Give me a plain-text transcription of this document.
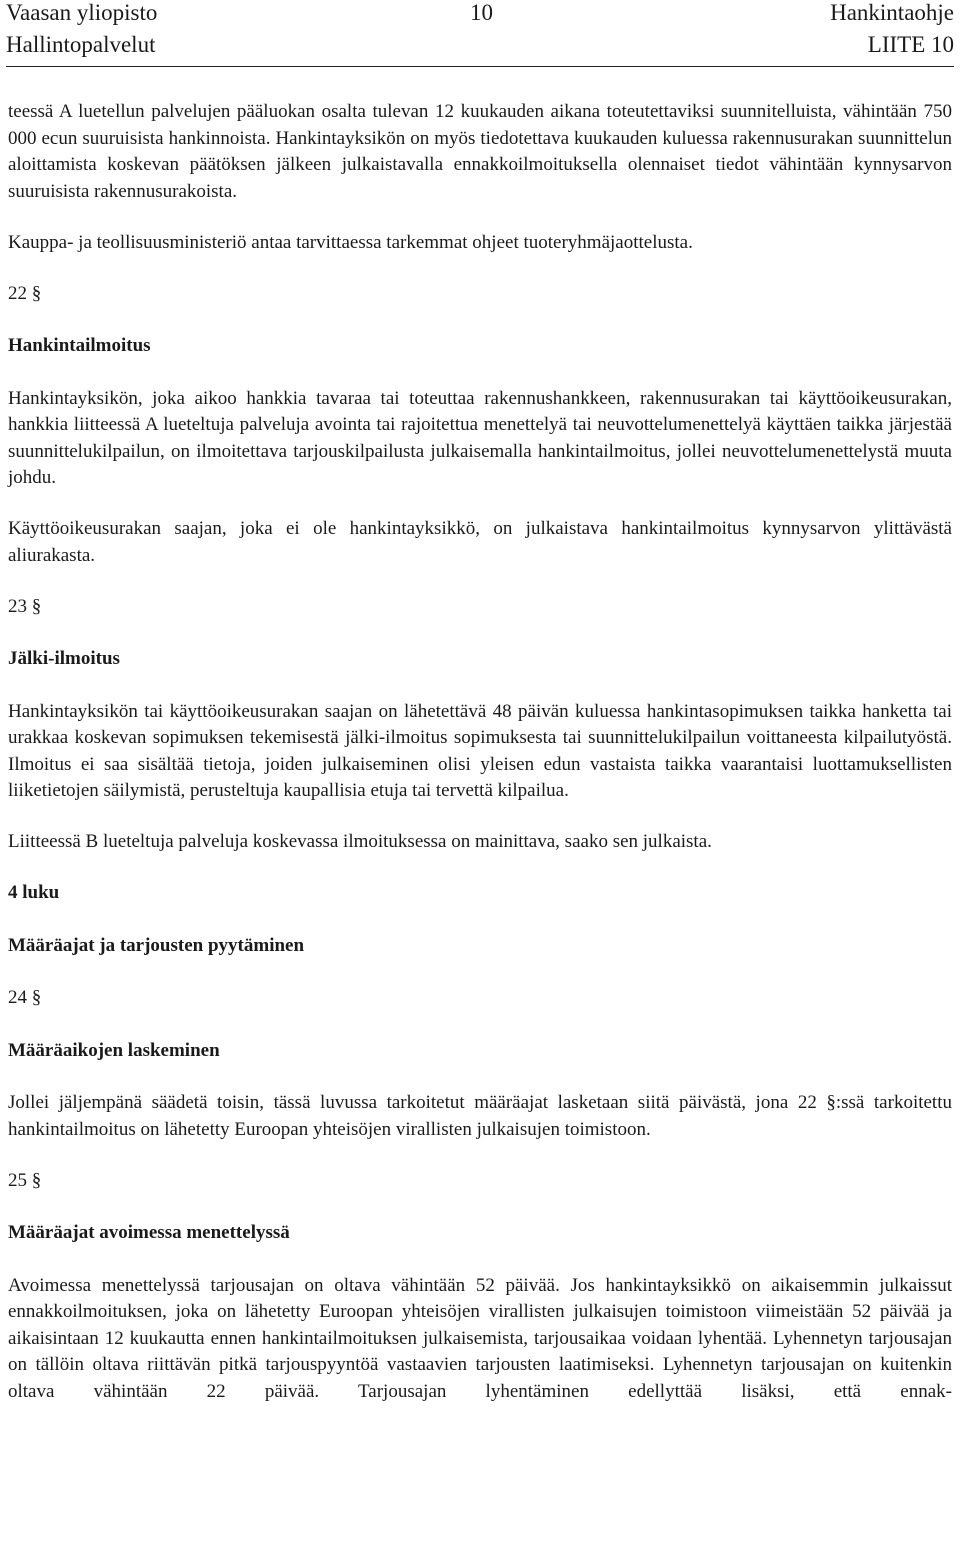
Vaasan yliopisto	10	Hankintaohje
Hallintopalvelut	LIITE 10

teessä A luetellun palvelujen pääluokan osalta tulevan 12 kuukauden aikana toteutettaviksi suunnitelluista, vähintään 750 000 ecun suuruisista hankinnoista. Hankintayksikön on myös tiedotettava kuukauden kuluessa rakennusurakan suunnittelun aloittamista koskevan päätöksen jälkeen julkaistavalla ennakkoilmoituksella olennaiset tiedot vähintään kynnysarvon suuruisista rakennusurakoista.

Kauppa- ja teollisuusministeriö antaa tarvittaessa tarkemmat ohjeet tuoteryhmäjaottelusta.

22 §
Hankintailmoitus

Hankintayksikön, joka aikoo hankkia tavaraa tai toteuttaa rakennushankkeen, rakennusurakan tai käyttöoikeusurakan, hankkia liitteessä A lueteltuja palveluja avointa tai rajoitettua menettelyä tai neuvottelumenettelyä käyttäen taikka järjestää suunnittelukilpailun, on ilmoitettava tarjouskilpailusta julkaisemalla hankintailmoitus, jollei neuvottelumenettelystä muuta johdu.

Käyttöoikeusurakan saajan, joka ei ole hankintayksikkö, on julkaistava hankintailmoitus kynnysarvon ylittävästä aliurakasta.

23 §
Jälki-ilmoitus

Hankintayksikön tai käyttöoikeusurakan saajan on lähetettävä 48 päivän kuluessa hankintasopimuksen taikka hanketta tai urakkaa koskevan sopimuksen tekemisestä jälki-ilmoitus sopimuksesta tai suunnittelukilpailun voittaneesta kilpailutyöstä. Ilmoitus ei saa sisältää tietoja, joiden julkaiseminen olisi yleisen edun vastaista taikka vaarantaisi luottamuksellisten liiketietojen säilymistä, perusteltuja kaupallisia etuja tai tervettä kilpailua.

Liitteessä B lueteltuja palveluja koskevassa ilmoituksessa on mainittava, saako sen julkaista.

4 luku
Määräajat ja tarjousten pyytäminen
24 §
Määräaikojen laskeminen

Jollei jäljempänä säädetä toisin, tässä luvussa tarkoitetut määräajat lasketaan siitä päivästä, jona 22 §:ssä tarkoitettu hankintailmoitus on lähetetty Euroopan yhteisöjen virallisten julkaisujen toimistoon.

25 §
Määräajat avoimessa menettelyssä

Avoimessa menettelyssä tarjousajan on oltava vähintään 52 päivää. Jos hankintayksikkö on aikaisemmin julkaissut ennakkoilmoituksen, joka on lähetetty Euroopan yhteisöjen virallisten julkaisujen toimistoon viimeistään 52 päivää ja aikaisintaan 12 kuukautta ennen hankintailmoituksen julkaisemista, tarjousaikaa voidaan lyhentää. Lyhennetyn tarjousajan on tällöin oltava riittävän pitkä tarjouspyyntöä vastaavien tarjousten laatimiseksi. Lyhennetyn tarjousajan on kuitenkin oltava vähintään 22 päivää. Tarjousajan lyhentäminen edellyttää lisäksi, että ennak-
